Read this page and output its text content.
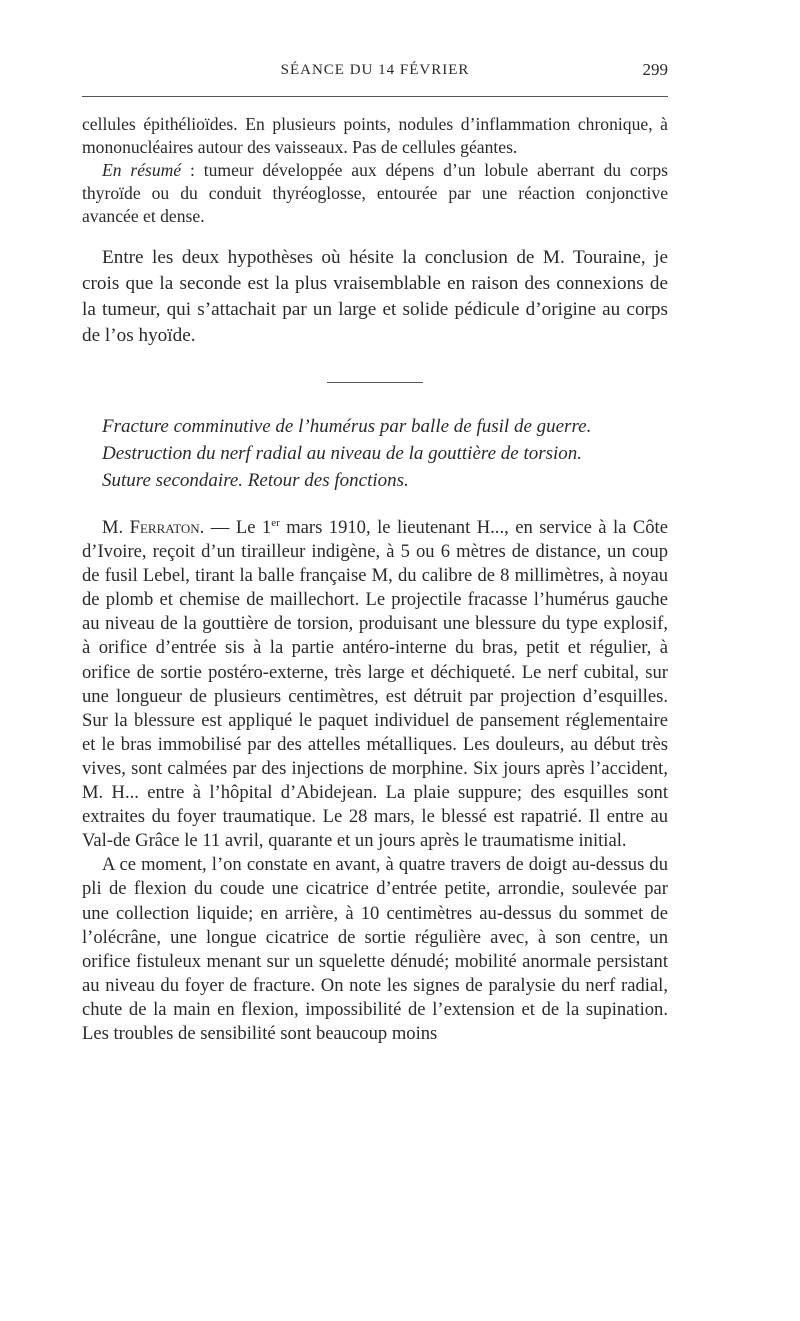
SÉANCE DU 14 FÉVRIER	299

cellules épithélioïdes. En plusieurs points, nodules d’inflammation chronique, à mononucléaires autour des vaisseaux. Pas de cellules géantes.

En résumé : tumeur développée aux dépens d’un lobule aberrant du corps thyroïde ou du conduit thyréoglosse, entourée par une réaction conjonctive avancée et dense.

Entre les deux hypothèses où hésite la conclusion de M. Touraine, je crois que la seconde est la plus vraisemblable en raison des connexions de la tumeur, qui s’attachait par un large et solide pédicule d’origine au corps de l’os hyoïde.

Fracture comminutive de l’humérus par balle de fusil de guerre.
Destruction du nerf radial au niveau de la gouttière de torsion.
Suture secondaire. Retour des fonctions.

M. Ferraton. — Le 1er mars 1910, le lieutenant H..., en service à la Côte d’Ivoire, reçoit d’un tirailleur indigène, à 5 ou 6 mètres de distance, un coup de fusil Lebel, tirant la balle française M, du calibre de 8 millimètres, à noyau de plomb et chemise de maillechort. Le projectile fracasse l’humérus gauche au niveau de la gouttière de torsion, produisant une blessure du type explosif, à orifice d’entrée sis à la partie antéro-interne du bras, petit et régulier, à orifice de sortie postéro-externe, très large et déchiqueté. Le nerf cubital, sur une longueur de plusieurs centimètres, est détruit par projection d’esquilles. Sur la blessure est appliqué le paquet individuel de pansement réglementaire et le bras immobilisé par des attelles métalliques. Les douleurs, au début très vives, sont calmées par des injections de morphine. Six jours après l’accident, M. H... entre à l’hôpital d’Abidejean. La plaie suppure; des esquilles sont extraites du foyer traumatique. Le 28 mars, le blessé est rapatrié. Il entre au Val-de Grâce le 11 avril, quarante et un jours après le traumatisme initial.

A ce moment, l’on constate en avant, à quatre travers de doigt au-dessus du pli de flexion du coude une cicatrice d’entrée petite, arrondie, soulevée par une collection liquide; en arrière, à 10 centimètres au-dessus du sommet de l’olécrâne, une longue cicatrice de sortie régulière avec, à son centre, un orifice fistuleux menant sur un squelette dénudé; mobilité anormale persistant au niveau du foyer de fracture. On note les signes de paralysie du nerf radial, chute de la main en flexion, impossibilité de l’extension et de la supination. Les troubles de sensibilité sont beaucoup moins
